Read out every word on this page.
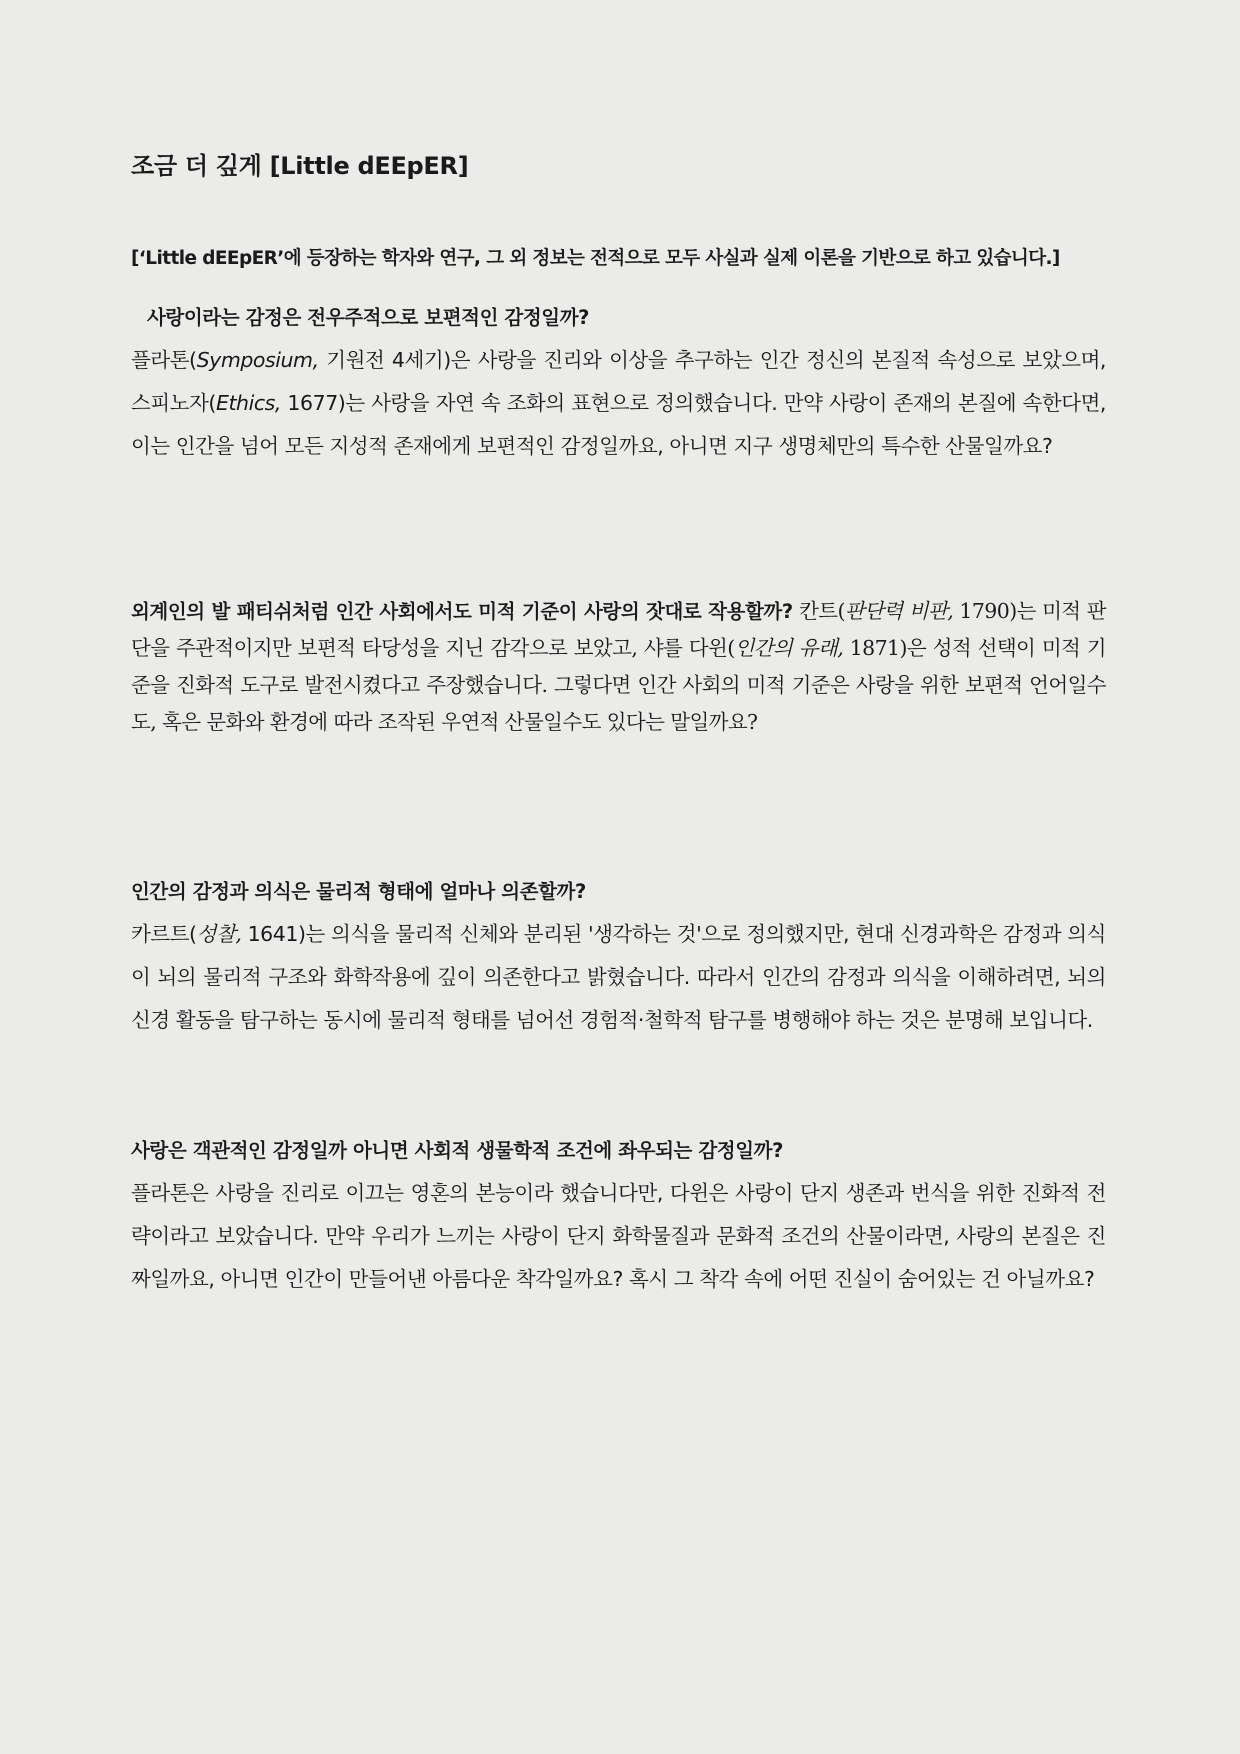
조금 더 깊게 [Little dEEpER]

[‘Little dEEpER’에 등장하는 학자와 연구, 그 외 정보는 전적으로 모두 사실과 실제 이론을 기반으로 하고 있습니다.]

사랑이라는 감정은 전우주적으로 보편적인 감정일까?

플라톤(Symposium, 기원전 4세기)은 사랑을 진리와 이상을 추구하는 인간 정신의 본질적 속성으로 보았으며, 스피노자(Ethics, 1677)는 사랑을 자연 속 조화의 표현으로 정의했습니다. 만약 사랑이 존재의 본질에 속한다면, 이는 인간을 넘어 모든 지성적 존재에게 보편적인 감정일까요, 아니면 지구 생명체만의 특수한 산물일까요?

외계인의 발 패티쉬처럼 인간 사회에서도 미적 기준이 사랑의 잣대로 작용할까? 칸트(판단력 비판, 1790)는 미적 판단을 주관적이지만 보편적 타당성을 지닌 감각으로 보았고, 샤를 다윈(인간의 유래, 1871)은 성적 선택이 미적 기준을 진화적 도구로 발전시켰다고 주장했습니다. 그렇다면 인간 사회의 미적 기준은 사랑을 위한 보편적 언어일수도, 혹은 문화와 환경에 따라 조작된 우연적 산물일수도 있다는 말일까요?

인간의 감정과 의식은 물리적 형태에 얼마나 의존할까?

카르트(성찰, 1641)는 의식을 물리적 신체와 분리된 '생각하는 것'으로 정의했지만, 현대 신경과학은 감정과 의식이 뇌의 물리적 구조와 화학작용에 깊이 의존한다고 밝혔습니다. 따라서 인간의 감정과 의식을 이해하려면, 뇌의 신경 활동을 탐구하는 동시에 물리적 형태를 넘어선 경험적·철학적 탐구를 병행해야 하는 것은 분명해 보입니다.

사랑은 객관적인 감정일까 아니면 사회적 생물학적 조건에 좌우되는 감정일까?

플라톤은 사랑을 진리로 이끄는 영혼의 본능이라 했습니다만, 다윈은 사랑이 단지 생존과 번식을 위한 진화적 전략이라고 보았습니다. 만약 우리가 느끼는 사랑이 단지 화학물질과 문화적 조건의 산물이라면, 사랑의 본질은 진짜일까요, 아니면 인간이 만들어낸 아름다운 착각일까요? 혹시 그 착각 속에 어떤 진실이 숨어있는 건 아닐까요?
